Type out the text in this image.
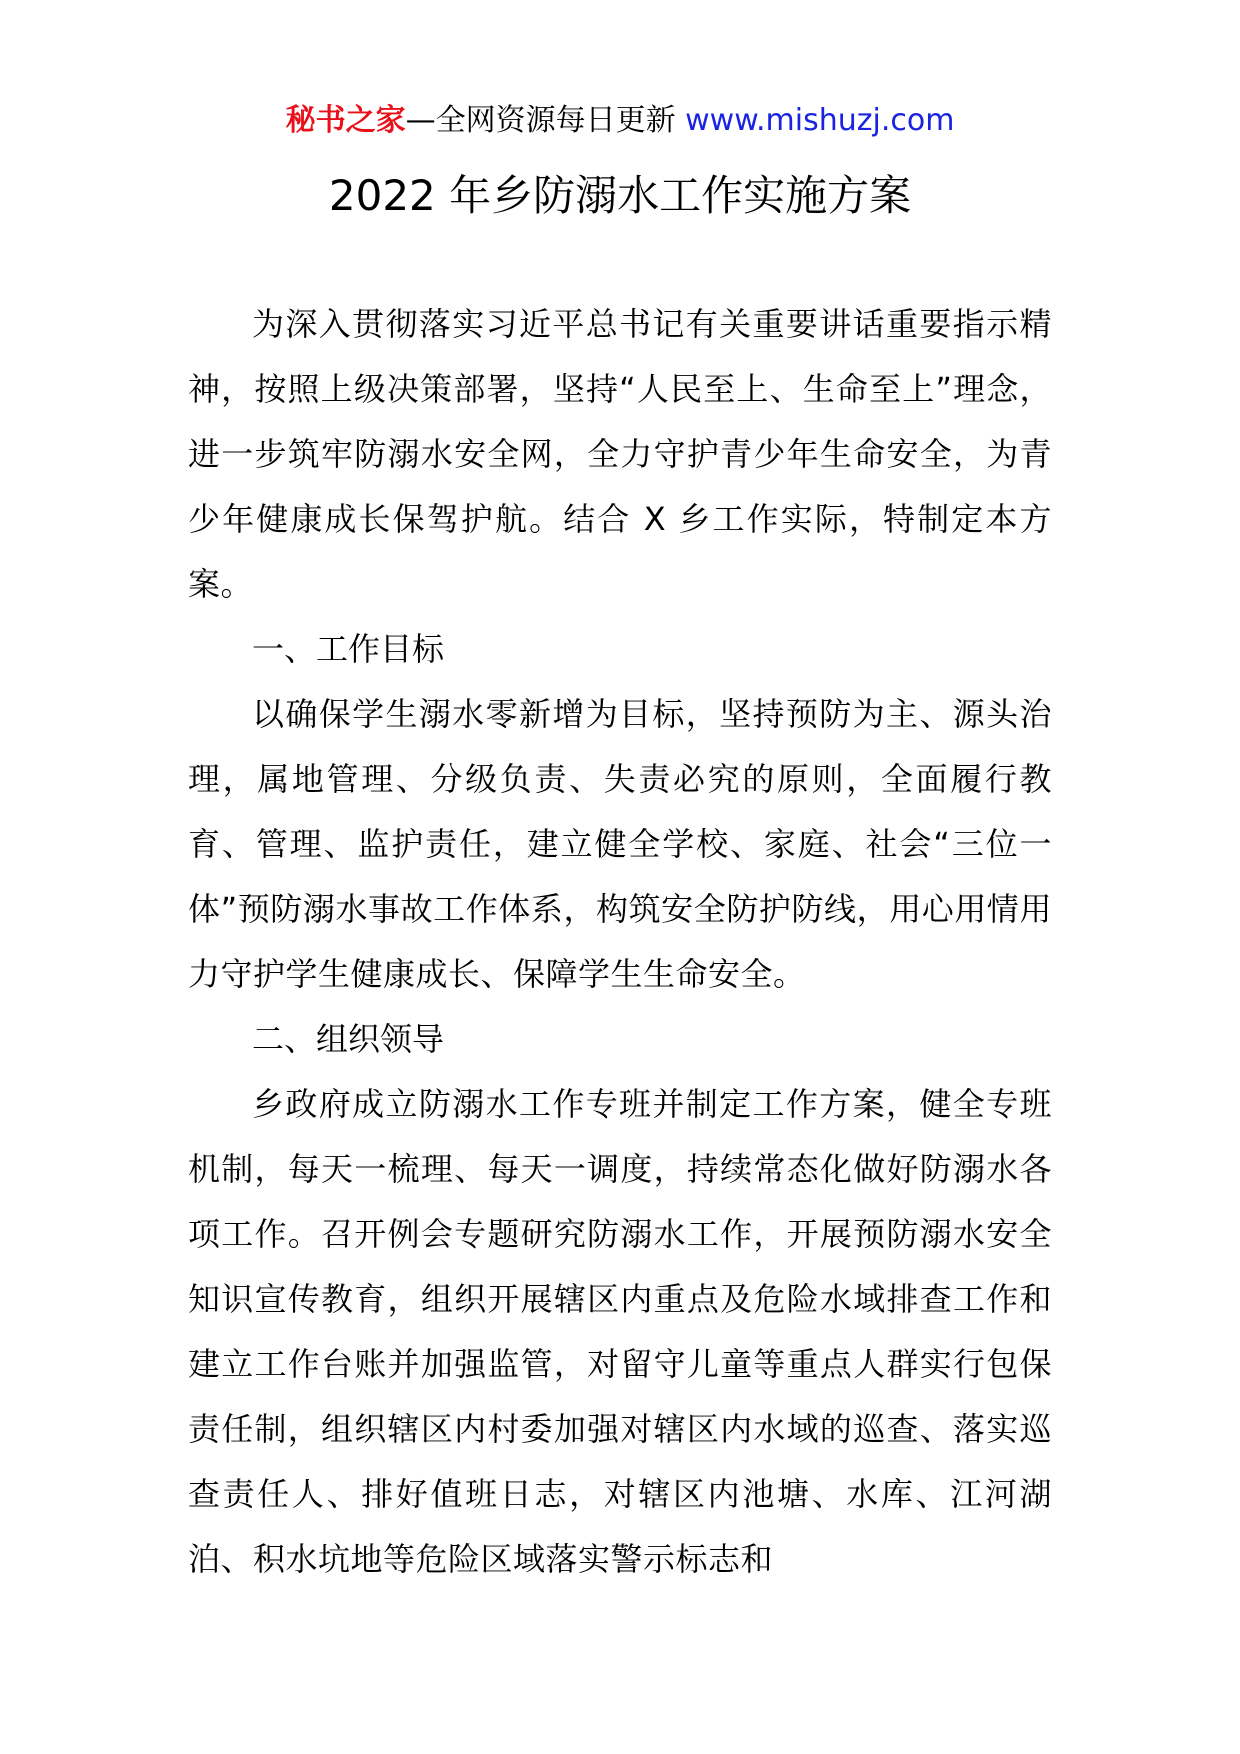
秘书之家—全网资源每日更新 www.mishuzj.com
2022 年乡防溺水工作实施方案

为深入贯彻落实习近平总书记有关重要讲话重要指示精神，按照上级决策部署，坚持“人民至上、生命至上”理念，进一步筑牢防溺水安全网，全力守护青少年生命安全，为青少年健康成长保驾护航。结合 X 乡工作实际，特制定本方案。

一、工作目标

以确保学生溺水零新增为目标，坚持预防为主、源头治理，属地管理、分级负责、失责必究的原则，全面履行教育、管理、监护责任，建立健全学校、家庭、社会“三位一体”预防溺水事故工作体系，构筑安全防护防线，用心用情用力守护学生健康成长、保障学生生命安全。

二、组织领导

乡政府成立防溺水工作专班并制定工作方案，健全专班机制，每天一梳理、每天一调度，持续常态化做好防溺水各项工作。召开例会专题研究防溺水工作，开展预防溺水安全知识宣传教育，组织开展辖区内重点及危险水域排查工作和建立工作台账并加强监管，对留守儿童等重点人群实行包保责任制，组织辖区内村委加强对辖区内水域的巡查、落实巡查责任人、排好值班日志，对辖区内池塘、水库、江河湖泊、积水坑地等危险区域落实警示标志和
